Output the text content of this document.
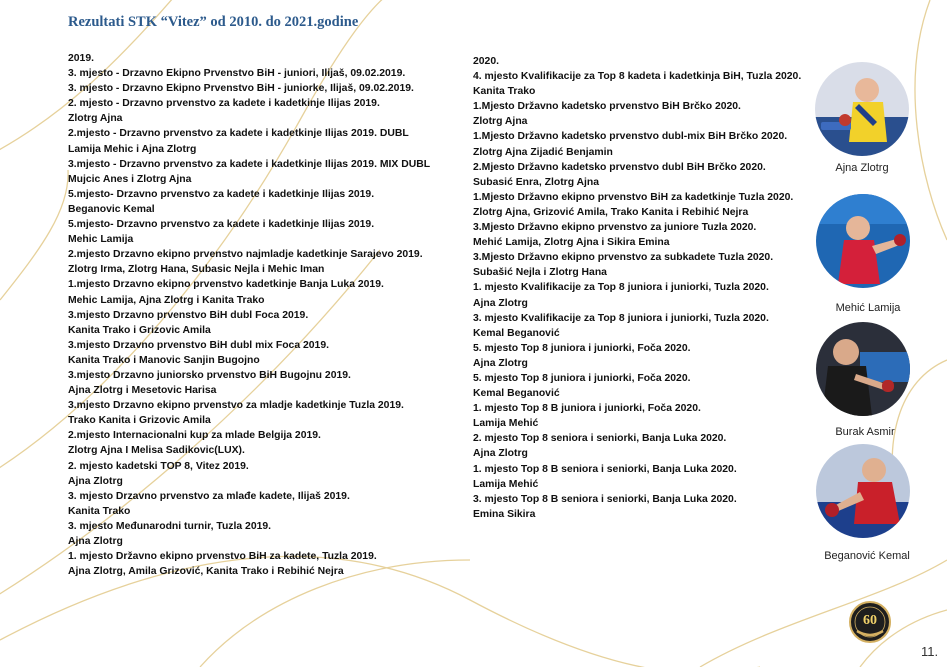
Rezultati STK “Vitez” od 2010. do 2021.godine
2019.
3. mjesto - Drzavno Ekipno Prvenstvo BiH - juniori, Ilijaš, 09.02.2019.
3. mjesto - Drzavno Ekipno Prvenstvo BiH - juniorke, Ilijaš, 09.02.2019.
2. mjesto - Drzavno prvenstvo za kadete i kadetkinje Ilijas 2019.
Zlotrg Ajna
2.mjesto - Drzavno prvenstvo za kadete i kadetkinje Ilijas 2019. DUBL
Lamija Mehic i Ajna Zlotrg
3.mjesto - Drzavno prvenstvo za kadete i kadetkinje Ilijas 2019. MIX DUBL
Mujcic Anes i Zlotrg Ajna
5.mjesto- Drzavno prvenstvo za kadete i kadetkinje Ilijas 2019.
Beganovic Kemal
5.mjesto- Drzavno prvenstvo za kadete i kadetkinje Ilijas 2019.
Mehic Lamija
2.mjesto Drzavno ekipno prvenstvo najmladje kadetkinje Sarajevo 2019.
Zlotrg Irma, Zlotrg Hana, Subasic Nejla i Mehic Iman
1.mjesto Drzavno ekipno prvenstvo kadetkinje Banja Luka 2019.
Mehic Lamija, Ajna Zlotrg i Kanita Trako
3.mjesto Drzavno prvenstvo BiH dubl Foca 2019.
Kanita Trako i Grizovic Amila
3.mjesto Drzavno prvenstvo BiH dubl mix Foca 2019.
Kanita Trako i Manovic Sanjin Bugojno
3.mjesto Drzavno juniorsko prvenstvo BiH Bugojnu 2019.
Ajna Zlotrg i Mesetovic Harisa
3.mjesto Drzavno ekipno prvenstvo za mladje kadetkinje Tuzla 2019.
Trako Kanita i Grizovic Amila
2.mjesto Internacionalni kup za mlade Belgija 2019.
Zlotrg Ajna I Melisa Sadikovic(LUX).
2. mjesto kadetski TOP 8, Vitez 2019.
Ajna Zlotrg
3. mjesto Drzavno prvenstvo za mlađe kadete, Ilijaš 2019.
Kanita Trako
3. mjesto Međunarodni turnir, Tuzla 2019.
Ajna Zlotrg
1. mjesto Državno ekipno prvenstvo BiH za kadete, Tuzla 2019.
Ajna Zlotrg, Amila Grizović, Kanita Trako i Rebihić Nejra
2020.
4. mjesto Kvalifikacije za Top 8 kadeta i kadetkinja BiH, Tuzla 2020.
Kanita Trako
1.Mjesto Državno kadetsko prvenstvo BiH Brčko 2020.
Zlotrg Ajna
1.Mjesto Državno kadetsko prvenstvo dubl-mix BiH Brčko 2020.
Zlotrg Ajna Zijadić Benjamin
2.Mjesto Državno kadetsko prvenstvo dubl BiH Brčko 2020.
Subasić Enra, Zlotrg Ajna
1.Mjesto Državno ekipno prvenstvo BiH za kadetkinje Tuzla 2020.
Zlotrg Ajna, Grizović Amila, Trako Kanita i Rebihić Nejra
3.Mjesto Državno ekipno prvenstvo za juniore Tuzla 2020.
Mehić Lamija, Zlotrg Ajna i Sikira Emina
3.Mjesto Državno ekipno prvenstvo za subkadete Tuzla 2020.
Subašić Nejla i Zlotrg Hana
1. mjesto Kvalifikacije za Top 8 juniora i juniorki, Tuzla 2020.
Ajna Zlotrg
3. mjesto Kvalifikacije za Top 8 juniora i juniorki, Tuzla 2020.
Kemal Beganović
5. mjesto Top 8 juniora i juniorki, Foča 2020.
Ajna Zlotrg
5. mjesto Top 8 juniora i juniorki, Foča 2020.
Kemal Beganović
1. mjesto Top 8 B juniora i juniorki, Foča 2020.
Lamija Mehić
2. mjesto Top 8 seniora i seniorki, Banja Luka 2020.
Ajna Zlotrg
1. mjesto Top 8 B seniora i seniorki, Banja Luka 2020.
Lamija Mehić
3. mjesto Top 8 B seniora i seniorki, Banja Luka 2020.
Emina Sikira
Ajna Zlotrg
Mehić Lamija
Burak Asmir
Beganović Kemal
60
11.
